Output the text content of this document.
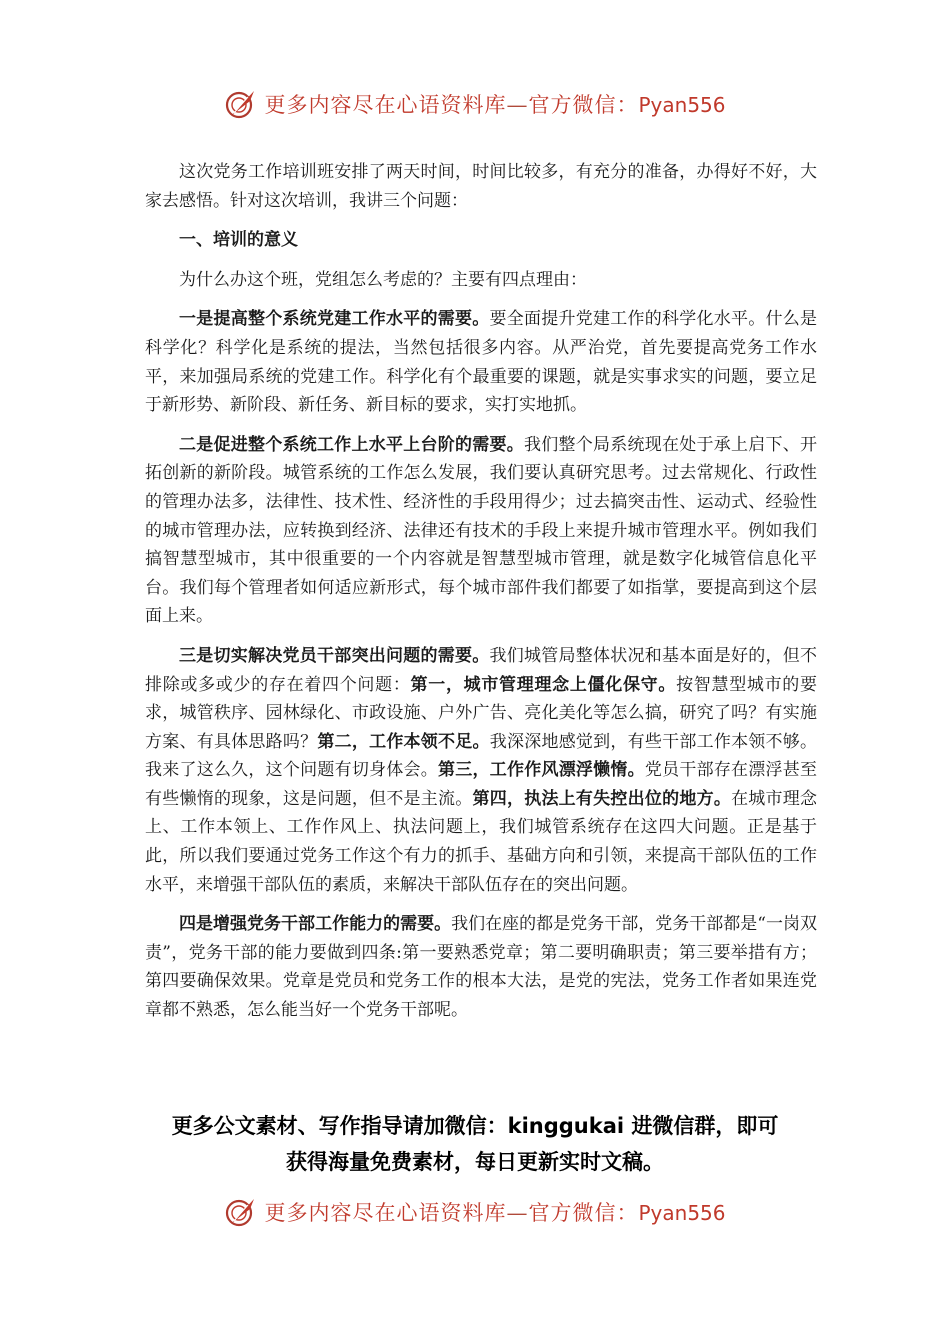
更多内容尽在心语资料库—官方微信：Pyan556

这次党务工作培训班安排了两天时间，时间比较多，有充分的准备，办得好不好，大家去感悟。针对这次培训，我讲三个问题：

一、培训的意义

为什么办这个班，党组怎么考虑的？主要有四点理由：

一是提高整个系统党建工作水平的需要。要全面提升党建工作的科学化水平。什么是科学化？科学化是系统的提法，当然包括很多内容。从严治党，首先要提高党务工作水平，来加强局系统的党建工作。科学化有个最重要的课题，就是实事求实的问题，要立足于新形势、新阶段、新任务、新目标的要求，实打实地抓。

二是促进整个系统工作上水平上台阶的需要。我们整个局系统现在处于承上启下、开拓创新的新阶段。城管系统的工作怎么发展，我们要认真研究思考。过去常规化、行政性的管理办法多，法律性、技术性、经济性的手段用得少；过去搞突击性、运动式、经验性的城市管理办法，应转换到经济、法律还有技术的手段上来提升城市管理水平。例如我们搞智慧型城市，其中很重要的一个内容就是智慧型城市管理，就是数字化城管信息化平台。我们每个管理者如何适应新形式，每个城市部件我们都要了如指掌，要提高到这个层面上来。

三是切实解决党员干部突出问题的需要。我们城管局整体状况和基本面是好的，但不排除或多或少的存在着四个问题：第一，城市管理理念上僵化保守。按智慧型城市的要求，城管秩序、园林绿化、市政设施、户外广告、亮化美化等怎么搞，研究了吗？有实施方案、有具体思路吗？第二，工作本领不足。我深深地感觉到，有些干部工作本领不够。我来了这么久，这个问题有切身体会。第三，工作作风漂浮懒惰。党员干部存在漂浮甚至有些懒惰的现象，这是问题，但不是主流。第四，执法上有失控出位的地方。在城市理念上、工作本领上、工作作风上、执法问题上，我们城管系统存在这四大问题。正是基于此，所以我们要通过党务工作这个有力的抓手、基础方向和引领，来提高干部队伍的工作水平，来增强干部队伍的素质，来解决干部队伍存在的突出问题。

四是增强党务干部工作能力的需要。我们在座的都是党务干部，党务干部都是“一岗双责”，党务干部的能力要做到四条:第一要熟悉党章；第二要明确职责；第三要举措有方；第四要确保效果。党章是党员和党务工作的根本大法，是党的宪法，党务工作者如果连党章都不熟悉，怎么能当好一个党务干部呢。

更多公文素材、写作指导请加微信：kinggukai 进微信群，即可
获得海量免费素材，每日更新实时文稿。
更多内容尽在心语资料库—官方微信：Pyan556
